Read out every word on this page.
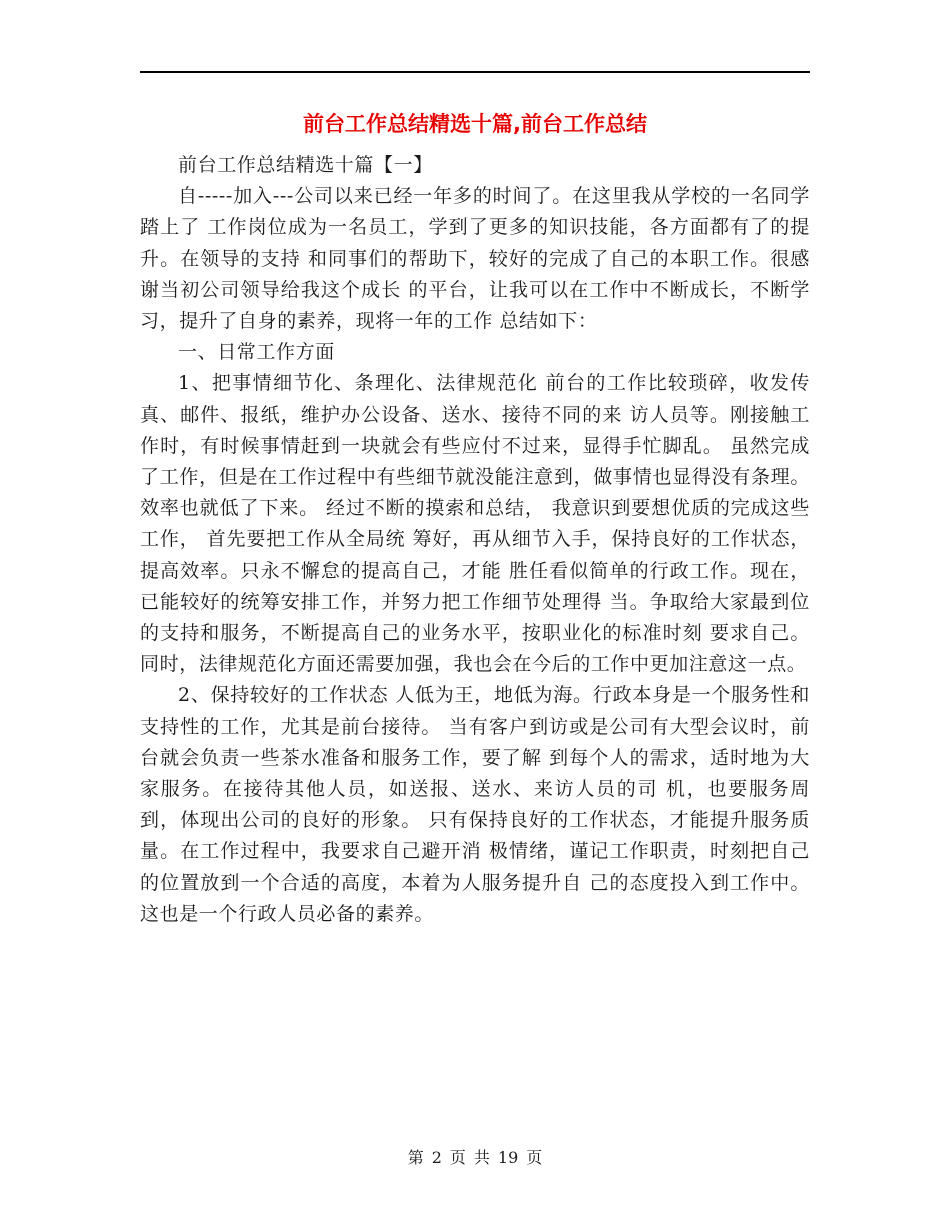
前台工作总结精选十篇,前台工作总结

前台工作总结精选十篇【一】

自-----加入---公司以来已经一年多的时间了。在这里我从学校的一名同学踏上了 工作岗位成为一名员工，学到了更多的知识技能，各方面都有了的提升。在领导的支持 和同事们的帮助下，较好的完成了自己的本职工作。很感谢当初公司领导给我这个成长 的平台，让我可以在工作中不断成长，不断学习，提升了自身的素养，现将一年的工作 总结如下：

一、日常工作方面

1、把事情细节化、条理化、法律规范化 前台的工作比较琐碎，收发传真、邮件、报纸，维护办公设备、送水、接待不同的来 访人员等。刚接触工作时，有时候事情赶到一块就会有些应付不过来，显得手忙脚乱。 虽然完成了工作，但是在工作过程中有些细节就没能注意到，做事情也显得没有条理。 效率也就低了下来。 经过不断的摸索和总结， 我意识到要想优质的完成这些工作， 首先要把工作从全局统 筹好，再从细节入手，保持良好的工作状态，提高效率。只永不懈怠的提高自己，才能 胜任看似简单的行政工作。现在，已能较好的统筹安排工作，并努力把工作细节处理得 当。争取给大家最到位的支持和服务，不断提高自己的业务水平，按职业化的标准时刻 要求自己。同时，法律规范化方面还需要加强，我也会在今后的工作中更加注意这一点。

2、保持较好的工作状态 人低为王，地低为海。行政本身是一个服务性和支持性的工作，尤其是前台接待。 当有客户到访或是公司有大型会议时，前台就会负责一些茶水准备和服务工作，要了解 到每个人的需求，适时地为大家服务。在接待其他人员，如送报、送水、来访人员的司 机，也要服务周到，体现出公司的良好的形象。 只有保持良好的工作状态，才能提升服务质量。在工作过程中，我要求自己避开消 极情绪，谨记工作职责，时刻把自己的位置放到一个合适的高度，本着为人服务提升自 己的态度投入到工作中。这也是一个行政人员必备的素养。

第 2 页 共 19 页
